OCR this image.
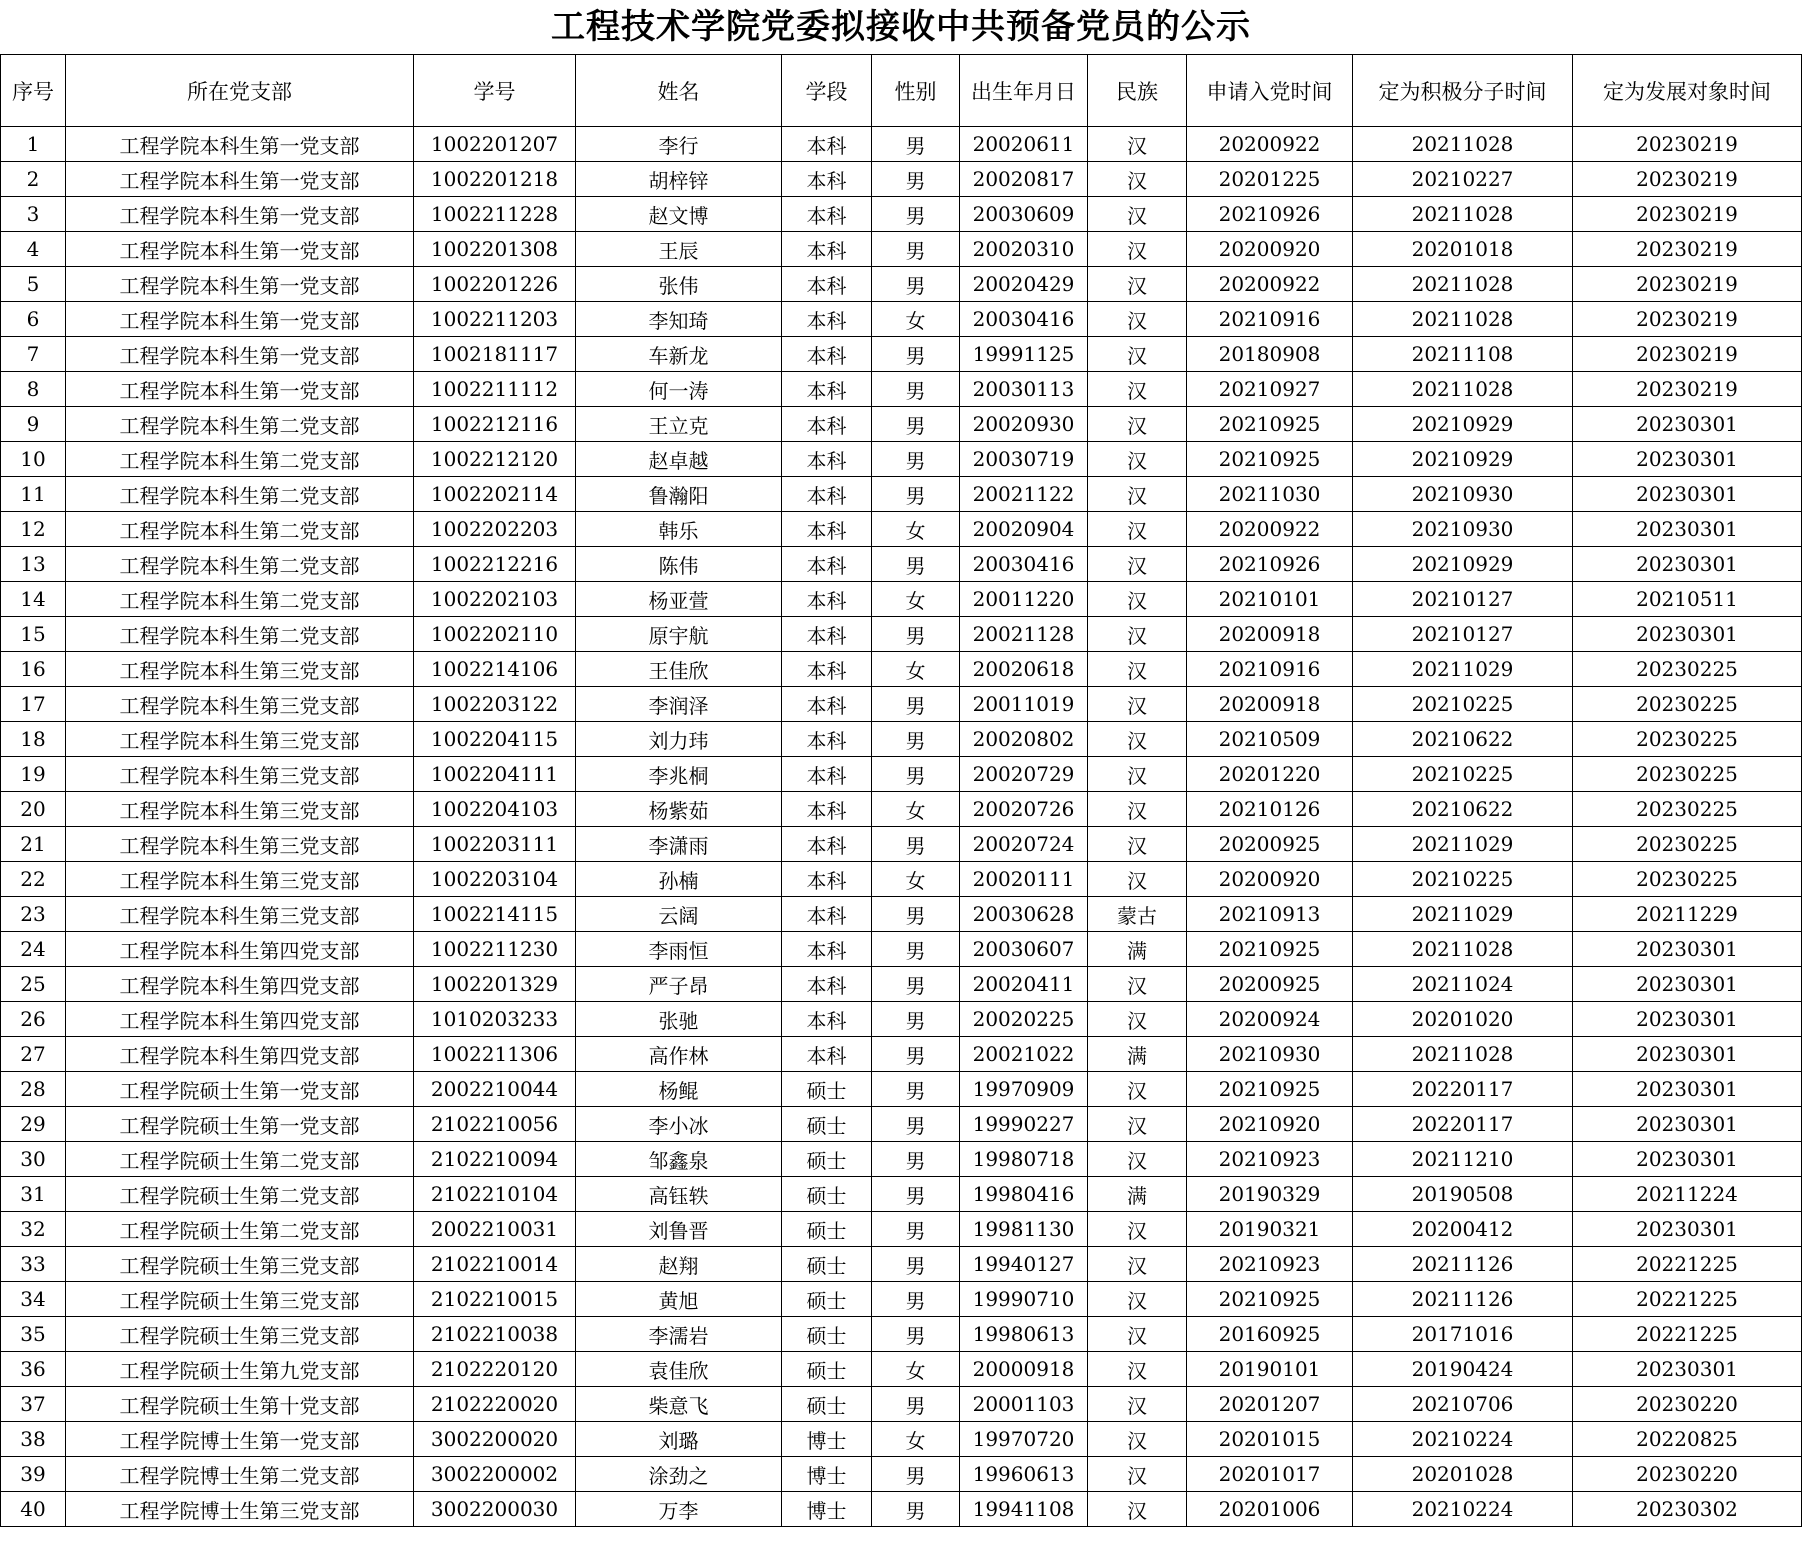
工程技术学院党委拟接收中共预备党员的公示
序号	所在党支部	学号	姓名	学段	性别	出生年月日	民族	申请入党时间	定为积极分子时间	定为发展对象时间
1	工程学院本科生第一党支部	1002201207	李行	本科	男	20020611	汉	20200922	20211028	20230219
2	工程学院本科生第一党支部	1002201218	胡梓锌	本科	男	20020817	汉	20201225	20210227	20230219
3	工程学院本科生第一党支部	1002211228	赵文博	本科	男	20030609	汉	20210926	20211028	20230219
4	工程学院本科生第一党支部	1002201308	王辰	本科	男	20020310	汉	20200920	20201018	20230219
5	工程学院本科生第一党支部	1002201226	张伟	本科	男	20020429	汉	20200922	20211028	20230219
6	工程学院本科生第一党支部	1002211203	李知琦	本科	女	20030416	汉	20210916	20211028	20230219
7	工程学院本科生第一党支部	1002181117	车新龙	本科	男	19991125	汉	20180908	20211108	20230219
8	工程学院本科生第一党支部	1002211112	何一涛	本科	男	20030113	汉	20210927	20211028	20230219
9	工程学院本科生第二党支部	1002212116	王立克	本科	男	20020930	汉	20210925	20210929	20230301
10	工程学院本科生第二党支部	1002212120	赵卓越	本科	男	20030719	汉	20210925	20210929	20230301
11	工程学院本科生第二党支部	1002202114	鲁瀚阳	本科	男	20021122	汉	20211030	20210930	20230301
12	工程学院本科生第二党支部	1002202203	韩乐	本科	女	20020904	汉	20200922	20210930	20230301
13	工程学院本科生第二党支部	1002212216	陈伟	本科	男	20030416	汉	20210926	20210929	20230301
14	工程学院本科生第二党支部	1002202103	杨亚萱	本科	女	20011220	汉	20210101	20210127	20210511
15	工程学院本科生第二党支部	1002202110	原宇航	本科	男	20021128	汉	20200918	20210127	20230301
16	工程学院本科生第三党支部	1002214106	王佳欣	本科	女	20020618	汉	20210916	20211029	20230225
17	工程学院本科生第三党支部	1002203122	李润泽	本科	男	20011019	汉	20200918	20210225	20230225
18	工程学院本科生第三党支部	1002204115	刘力玮	本科	男	20020802	汉	20210509	20210622	20230225
19	工程学院本科生第三党支部	1002204111	李兆桐	本科	男	20020729	汉	20201220	20210225	20230225
20	工程学院本科生第三党支部	1002204103	杨紫茹	本科	女	20020726	汉	20210126	20210622	20230225
21	工程学院本科生第三党支部	1002203111	李潇雨	本科	男	20020724	汉	20200925	20211029	20230225
22	工程学院本科生第三党支部	1002203104	孙楠	本科	女	20020111	汉	20200920	20210225	20230225
23	工程学院本科生第三党支部	1002214115	云阔	本科	男	20030628	蒙古	20210913	20211029	20211229
24	工程学院本科生第四党支部	1002211230	李雨恒	本科	男	20030607	满	20210925	20211028	20230301
25	工程学院本科生第四党支部	1002201329	严子昂	本科	男	20020411	汉	20200925	20211024	20230301
26	工程学院本科生第四党支部	1010203233	张驰	本科	男	20020225	汉	20200924	20201020	20230301
27	工程学院本科生第四党支部	1002211306	高作林	本科	男	20021022	满	20210930	20211028	20230301
28	工程学院硕士生第一党支部	2002210044	杨鲲	硕士	男	19970909	汉	20210925	20220117	20230301
29	工程学院硕士生第一党支部	2102210056	李小冰	硕士	男	19990227	汉	20210920	20220117	20230301
30	工程学院硕士生第二党支部	2102210094	邹鑫泉	硕士	男	19980718	汉	20210923	20211210	20230301
31	工程学院硕士生第二党支部	2102210104	高钰轶	硕士	男	19980416	满	20190329	20190508	20211224
32	工程学院硕士生第二党支部	2002210031	刘鲁晋	硕士	男	19981130	汉	20190321	20200412	20230301
33	工程学院硕士生第三党支部	2102210014	赵翔	硕士	男	19940127	汉	20210923	20211126	20221225
34	工程学院硕士生第三党支部	2102210015	黄旭	硕士	男	19990710	汉	20210925	20211126	20221225
35	工程学院硕士生第三党支部	2102210038	李濡岩	硕士	男	19980613	汉	20160925	20171016	20221225
36	工程学院硕士生第九党支部	2102220120	袁佳欣	硕士	女	20000918	汉	20190101	20190424	20230301
37	工程学院硕士生第十党支部	2102220020	柴意飞	硕士	男	20001103	汉	20201207	20210706	20230220
38	工程学院博士生第一党支部	3002200020	刘璐	博士	女	19970720	汉	20201015	20210224	20220825
39	工程学院博士生第二党支部	3002200002	涂劲之	博士	男	19960613	汉	20201017	20201028	20230220
40	工程学院博士生第三党支部	3002200030	万李	博士	男	19941108	汉	20201006	20210224	20230302
